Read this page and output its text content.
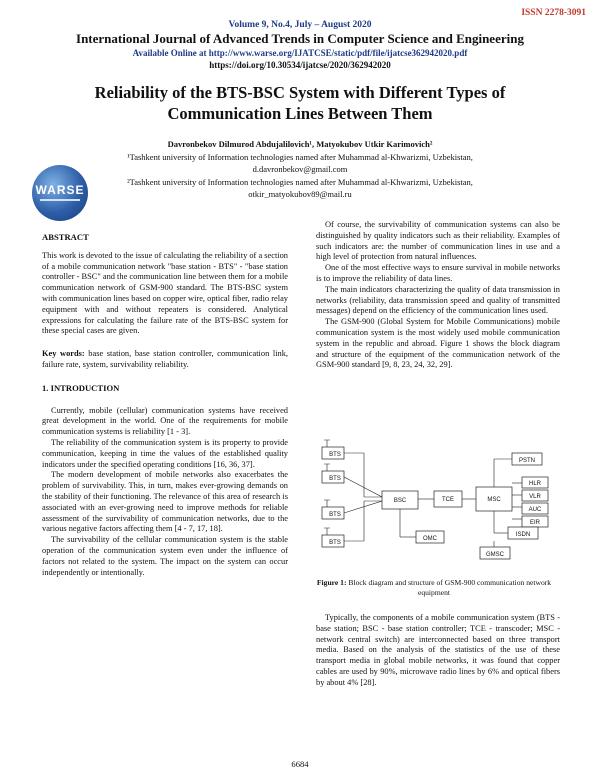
ISSN 2278-3091
Volume 9, No.4, July – August 2020
International Journal of Advanced Trends in Computer Science and Engineering
Available Online at http://www.warse.org/IJATCSE/static/pdf/file/ijatcse362942020.pdf
https://doi.org/10.30534/ijatcse/2020/362942020
WARSE
Reliability of the BTS-BSC System with Different Types of
Communication Lines Between Them
Davronbekov Dilmurod Abdujalilovich¹, Matyokubov Utkir Karimovich²
¹Tashkent university of Information technologies named after Muhammad al-Khwarizmi, Uzbekistan,
d.davronbekov@gmail.com
²Tashkent university of Information technologies named after Muhammad al-Khwarizmi, Uzbekistan,
otkir_matyokubov89@mail.ru
ABSTRACT

This work is devoted to the issue of calculating the reliability of a section of a mobile communication network "base station - BTS" - "base station controller - BSC" and the communication line between them for a mobile communication network of GSM-900 standard. The BTS-BSC system with communication lines based on copper wire, optical fiber, radio relay equipment with and without repeaters is considered. Analytical expressions for calculating the failure rate of the BTS-BSC system for these special cases are given.

Key words: base station, base station controller, communication link, failure rate, system, survivability reliability.

1. INTRODUCTION

Currently, mobile (cellular) communication systems have received great development in the world. One of the requirements for mobile communication systems is reliability [1 - 3].

The reliability of the communication system is its property to provide communication, keeping in time the values of the established quality indicators under the specified operating conditions [16, 36, 37].

The modern development of mobile networks also exacerbates the problem of survivability. This, in turn, makes ever-growing demands on the stability of their functioning. The relevance of this area of research is associated with an ever-growing need to improve methods for reliable assessment of the survivability of communication networks, due to the various negative factors affecting them [4 - 7, 17, 18].

The survivability of the cellular communication system is the stable operation of the communication system even under the influence of factors not related to the system. The impact on the system can occur independently or intentionally.

Of course, the survivability of communication systems can also be distinguished by quality indicators such as their reliability. Examples of such indicators are: the number of communication lines in use and a high level of protection from natural influences.

One of the most effective ways to ensure survival in mobile networks is to improve the reliability of data lines.

The main indicators characterizing the quality of data transmission in networks (reliability, data transmission speed and quality of transmitted messages) depend on the efficiency of the communication lines used.

The GSM-900 (Global System for Mobile Communications) mobile communication system is the most widely used mobile communication system in the republic and abroad. Figure 1 shows the block diagram and structure of the equipment of the communication network of the GSM-900 standard [9, 8, 23, 24, 32, 29].

BTS
BTS
BTS
BTS
BSC	TCE	MSC
OMC
HLR
VLR
AUC
EIR
PSTN
ISDN
GMSC
Figure 1: Block diagram and structure of GSM-900 communication network equipment

Typically, the components of a mobile communication system (BTS - base station; BSC - base station controller; TCE - transcoder; MSC - network central switch) are interconnected based on three transport media. Based on the analysis of the statistics of the use of these transport media in global mobile networks, it was found that copper cables are used by 90%, microwave radio lines by 6% and optical fibers by about 4% [28].

6684
